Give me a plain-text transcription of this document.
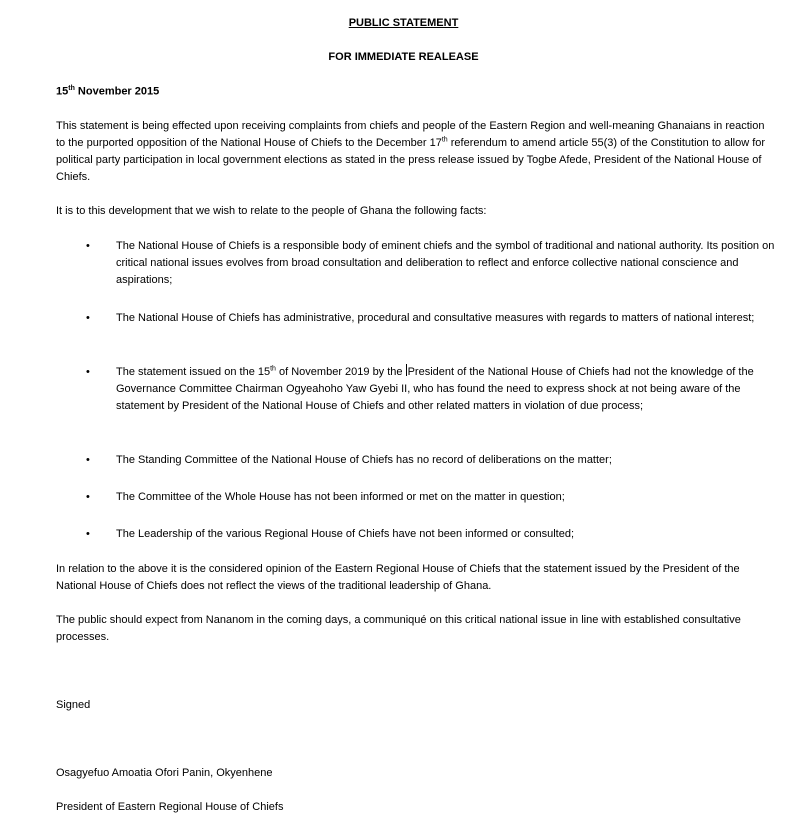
PUBLIC STATEMENT
FOR IMMEDIATE REALEASE
15th November 2015
This statement is being effected upon receiving complaints from chiefs and people of the Eastern Region and well-meaning Ghanaians in reaction to the purported opposition of the National House of Chiefs to the December 17th referendum to amend article 55(3) of the Constitution to allow for political party participation in local government elections as stated in the press release issued by Togbe Afede, President of the National House of Chiefs.
It is to this development that we wish to relate to the people of Ghana the following facts:
• The National House of Chiefs is a responsible body of eminent chiefs and the symbol of traditional and national authority. Its position on critical national issues evolves from broad consultation and deliberation to reflect and enforce collective national conscience and aspirations;
• The National House of Chiefs has administrative, procedural and consultative measures with regards to matters of national interest;
• The statement issued on the 15th of November 2019 by the President of the National House of Chiefs had not the knowledge of the Governance Committee Chairman Ogyeahoho Yaw Gyebi II, who has found the need to express shock at not being aware of the statement by President of the National House of Chiefs and other related matters in violation of due process;
• The Standing Committee of the National House of Chiefs has no record of deliberations on the matter;
• The Committee of the Whole House has not been informed or met on the matter in question;
• The Leadership of the various Regional House of Chiefs have not been informed or consulted;
In relation to the above it is the considered opinion of the Eastern Regional House of Chiefs that the statement issued by the President of the National House of Chiefs does not reflect the views of the traditional leadership of Ghana.
The public should expect from Nananom in the coming days, a communiqué on this critical national issue in line with established consultative processes.
Signed
Osagyefuo Amoatia Ofori Panin, Okyenhene
President of Eastern Regional House of Chiefs
